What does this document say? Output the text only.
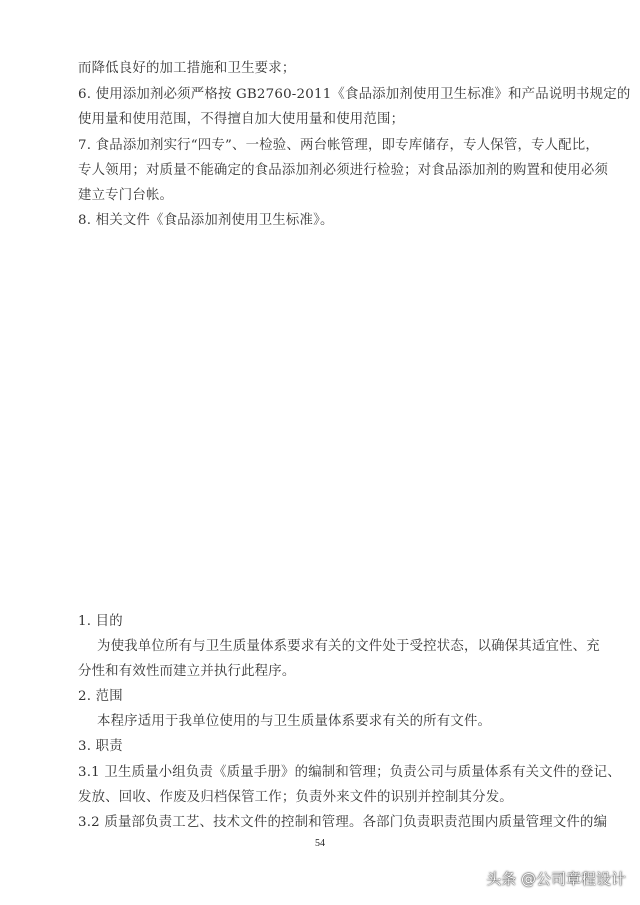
而降低良好的加工措施和卫生要求；
6. 使用添加剂必须严格按 GB2760-2011《食品添加剂使用卫生标准》和产品说明书规定的
使用量和使用范围，不得擅自加大使用量和使用范围；
7. 食品添加剂实行“四专”、一检验、两台帐管理，即专库储存，专人保管，专人配比，
专人领用；对质量不能确定的食品添加剂必须进行检验；对食品添加剂的购置和使用必须
建立专门台帐。
8. 相关文件《食品添加剂使用卫生标准》。
1. 目的
为使我单位所有与卫生质量体系要求有关的文件处于受控状态，以确保其适宜性、充
分性和有效性而建立并执行此程序。
2. 范围
本程序适用于我单位使用的与卫生质量体系要求有关的所有文件。
3. 职责
3.1 卫生质量小组负责《质量手册》的编制和管理；负责公司与质量体系有关文件的登记、
发放、回收、作废及归档保管工作；负责外来文件的识别并控制其分发。
3.2 质量部负责工艺、技术文件的控制和管理。各部门负责职责范围内质量管理文件的编
54
头条 @公司章程设计
